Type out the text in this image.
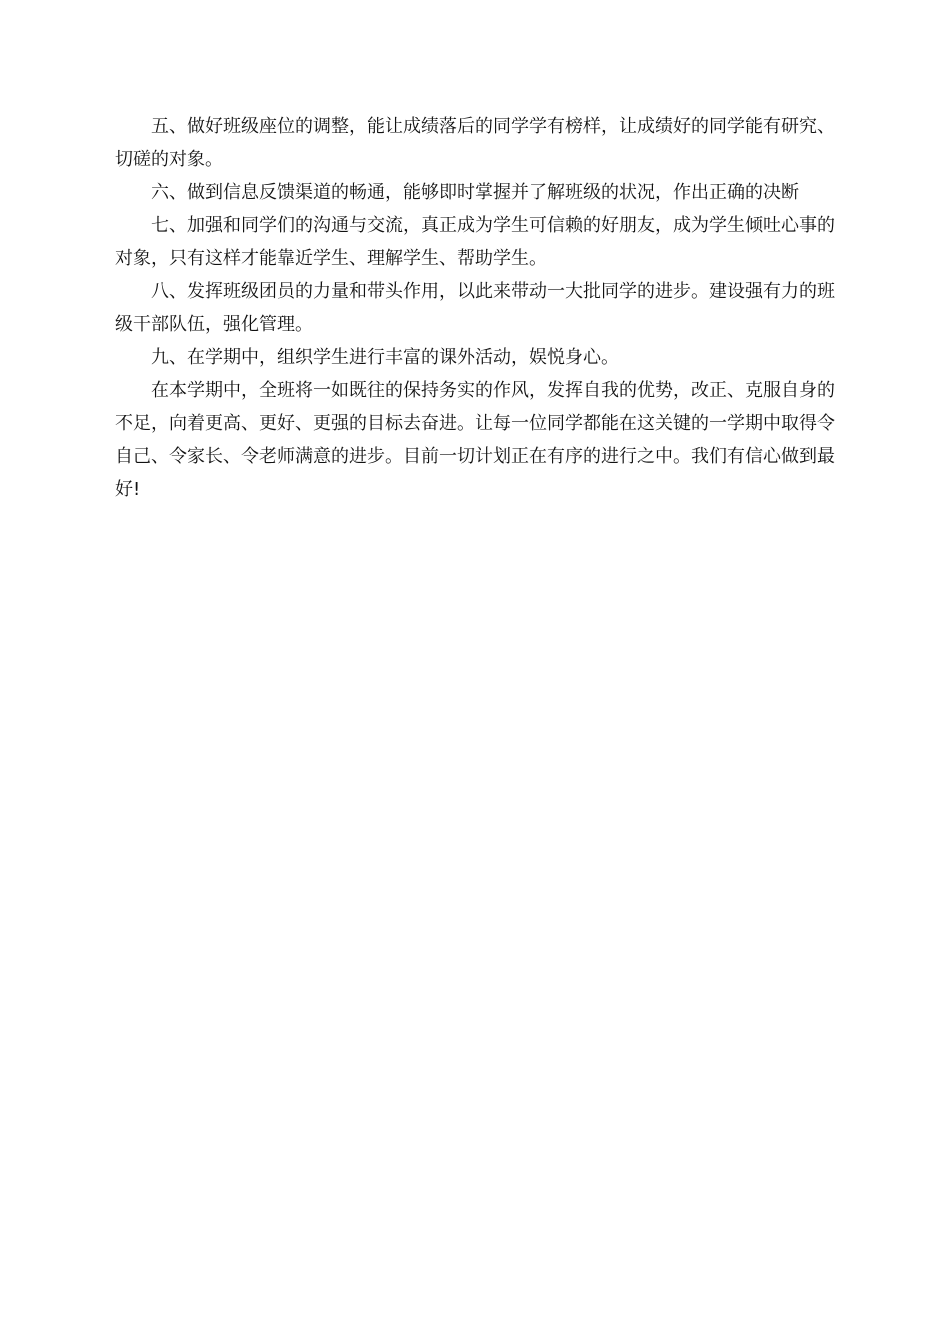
五、做好班级座位的调整，能让成绩落后的同学学有榜样，让成绩好的同学能有研究、切磋的对象。

六、做到信息反馈渠道的畅通，能够即时掌握并了解班级的状况，作出正确的决断

七、加强和同学们的沟通与交流，真正成为学生可信赖的好朋友，成为学生倾吐心事的对象，只有这样才能靠近学生、理解学生、帮助学生。

八、发挥班级团员的力量和带头作用，以此来带动一大批同学的进步。建设强有力的班级干部队伍，强化管理。

九、在学期中，组织学生进行丰富的课外活动，娱悦身心。

在本学期中，全班将一如既往的保持务实的作风，发挥自我的优势，改正、克服自身的不足，向着更高、更好、更强的目标去奋进。让每一位同学都能在这关键的一学期中取得令自己、令家长、令老师满意的进步。目前一切计划正在有序的进行之中。我们有信心做到最好!
